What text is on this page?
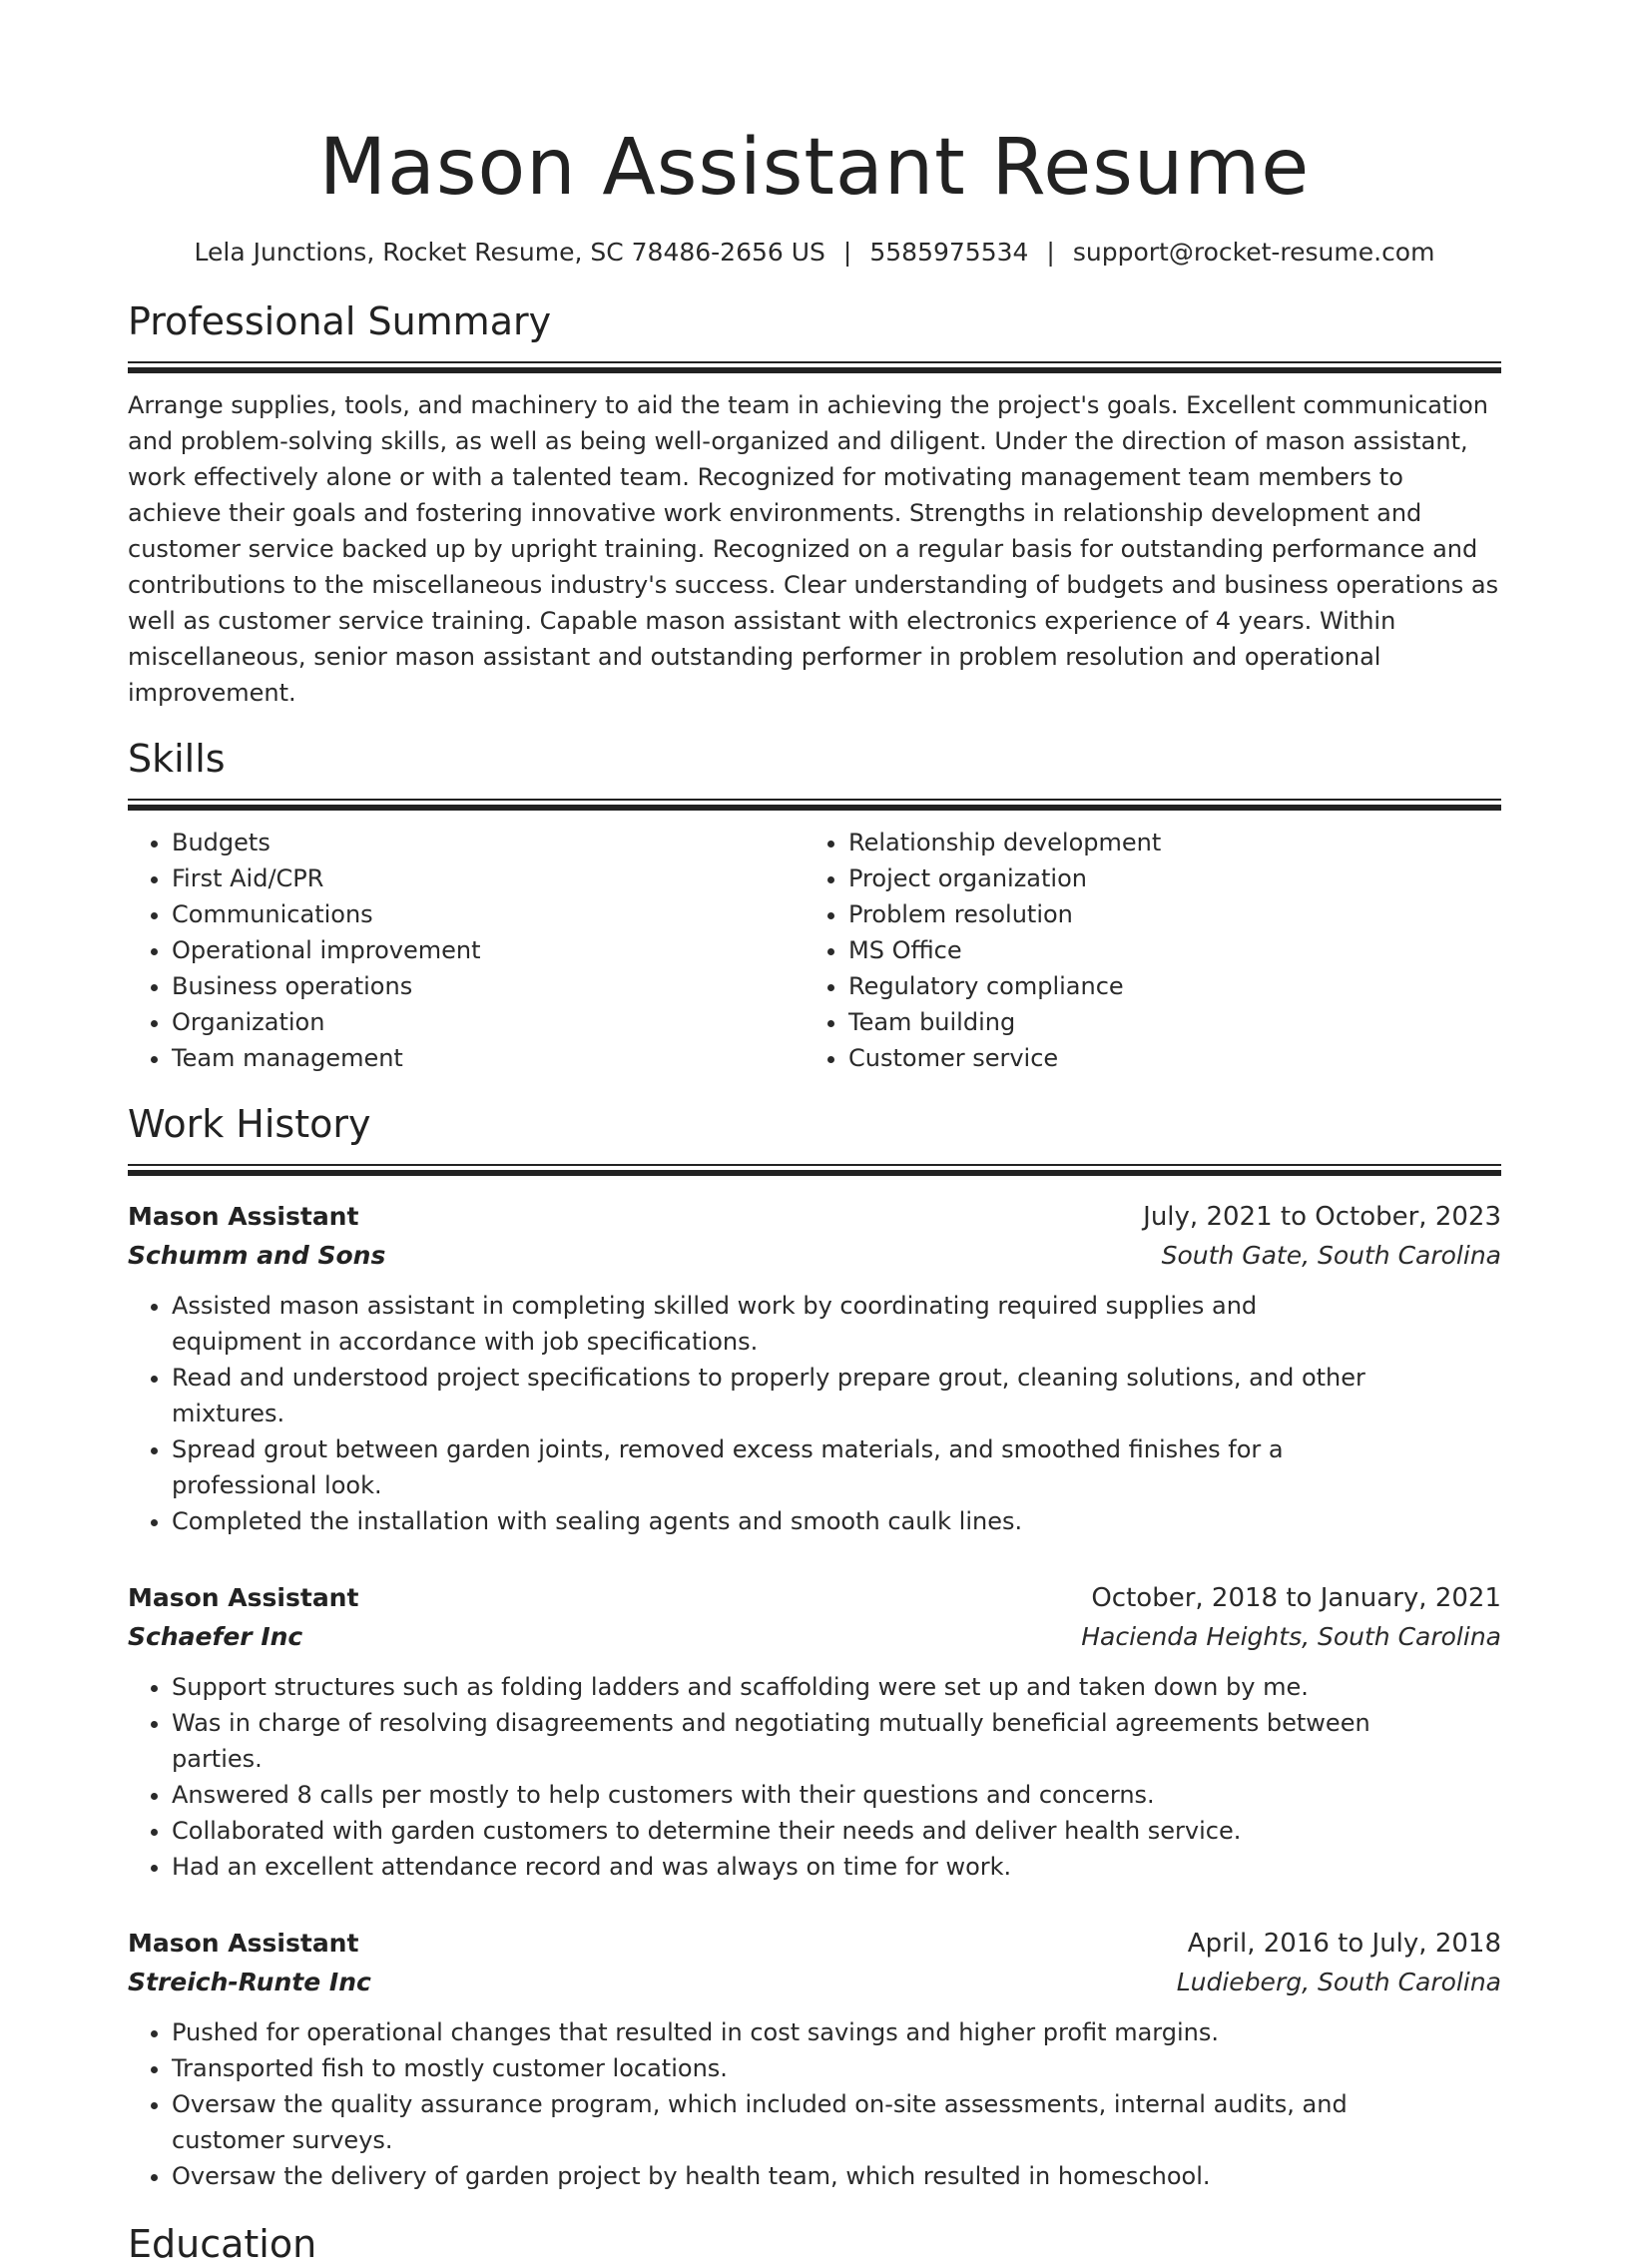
Mason Assistant Resume
Lela Junctions, Rocket Resume, SC 78486-2656 US | 5585975534 | support@rocket-resume.com
Professional Summary

Arrange supplies, tools, and machinery to aid the team in achieving the project's goals. Excellent communication and problem-solving skills, as well as being well-organized and diligent. Under the direction of mason assistant, work effectively alone or with a talented team. Recognized for motivating management team members to achieve their goals and fostering innovative work environments. Strengths in relationship development and customer service backed up by upright training. Recognized on a regular basis for outstanding performance and contributions to the miscellaneous industry's success. Clear understanding of budgets and business operations as well as customer service training. Capable mason assistant with electronics experience of 4 years. Within miscellaneous, senior mason assistant and outstanding performer in problem resolution and operational improvement.

Skills
• Budgets
• First Aid/CPR
• Communications
• Operational improvement
• Business operations
• Organization
• Team management
• Relationship development
• Project organization
• Problem resolution
• MS Office
• Regulatory compliance
• Team building
• Customer service
Work History
Mason Assistant	July, 2021 to October, 2023
Schumm and Sons	South Gate, South Carolina
• Assisted mason assistant in completing skilled work by coordinating required supplies and equipment in accordance with job specifications.
• Read and understood project specifications to properly prepare grout, cleaning solutions, and other mixtures.
• Spread grout between garden joints, removed excess materials, and smoothed finishes for a professional look.
• Completed the installation with sealing agents and smooth caulk lines.
Mason Assistant	October, 2018 to January, 2021
Schaefer Inc	Hacienda Heights, South Carolina
• Support structures such as folding ladders and scaffolding were set up and taken down by me.
• Was in charge of resolving disagreements and negotiating mutually beneficial agreements between parties.
• Answered 8 calls per mostly to help customers with their questions and concerns.
• Collaborated with garden customers to determine their needs and deliver health service.
• Had an excellent attendance record and was always on time for work.
Mason Assistant	April, 2016 to July, 2018
Streich-Runte Inc	Ludieberg, South Carolina
• Pushed for operational changes that resulted in cost savings and higher profit margins.
• Transported fish to mostly customer locations.
• Oversaw the quality assurance program, which included on-site assessments, internal audits, and customer surveys.
• Oversaw the delivery of garden project by health team, which resulted in homeschool.
Education
